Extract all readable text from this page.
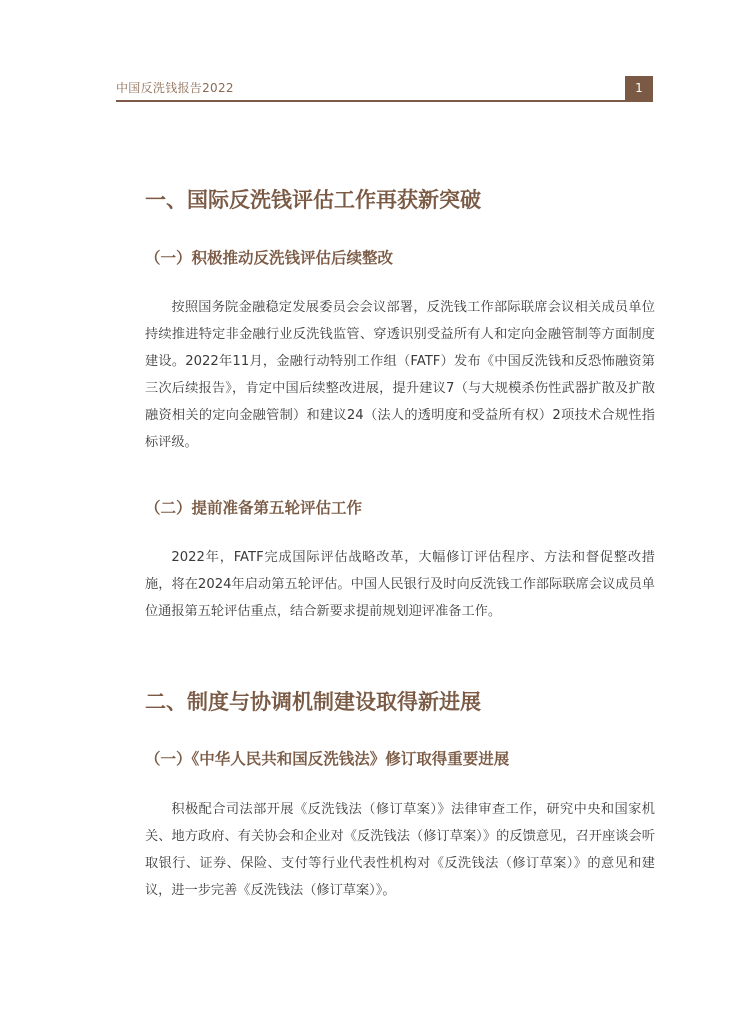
中国反洗钱报告2022	1
一、国际反洗钱评估工作再获新突破
（一）积极推动反洗钱评估后续整改

按照国务院金融稳定发展委员会会议部署，反洗钱工作部际联席会议相关成员单位持续推进特定非金融行业反洗钱监管、穿透识别受益所有人和定向金融管制等方面制度建设。2022年11月，金融行动特别工作组（FATF）发布《中国反洗钱和反恐怖融资第三次后续报告》，肯定中国后续整改进展，提升建议7（与大规模杀伤性武器扩散及扩散融资相关的定向金融管制）和建议24（法人的透明度和受益所有权）2项技术合规性指标评级。

（二）提前准备第五轮评估工作

2022年，FATF完成国际评估战略改革，大幅修订评估程序、方法和督促整改措施，将在2024年启动第五轮评估。中国人民银行及时向反洗钱工作部际联席会议成员单位通报第五轮评估重点，结合新要求提前规划迎评准备工作。

二、制度与协调机制建设取得新进展
（一）《中华人民共和国反洗钱法》修订取得重要进展

积极配合司法部开展《反洗钱法（修订草案）》法律审查工作，研究中央和国家机关、地方政府、有关协会和企业对《反洗钱法（修订草案）》的反馈意见，召开座谈会听取银行、证券、保险、支付等行业代表性机构对《反洗钱法（修订草案）》的意见和建议，进一步完善《反洗钱法（修订草案）》。
